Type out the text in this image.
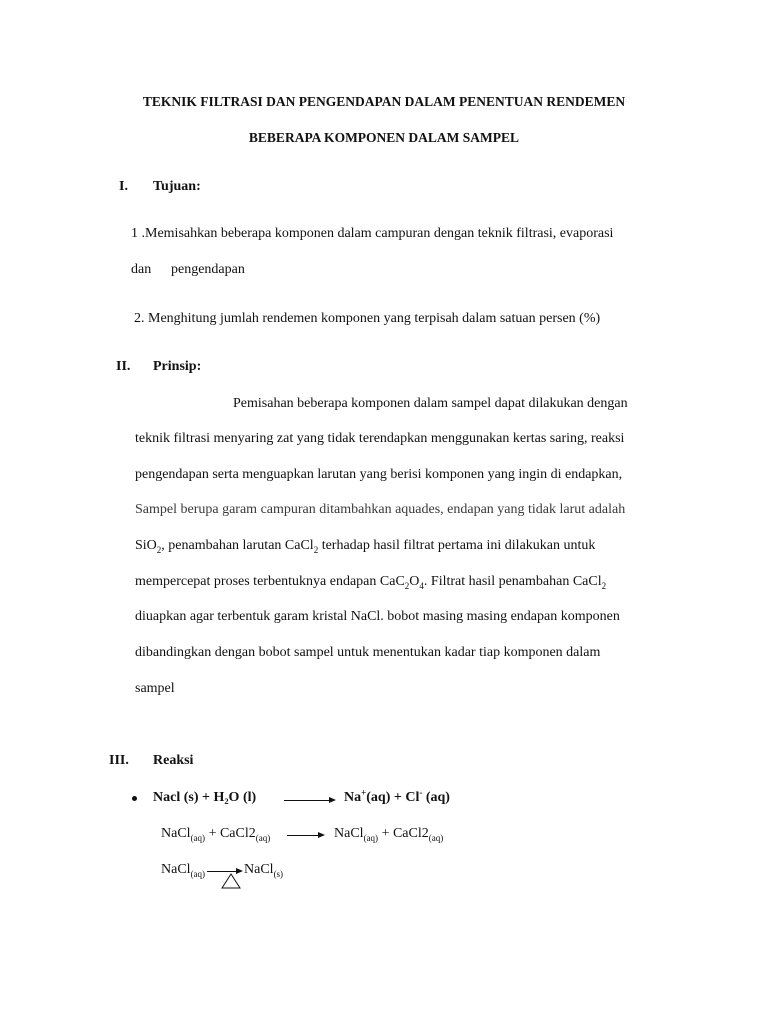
TEKNIK FILTRASI DAN PENGENDAPAN DALAM PENENTUAN RENDEMEN
BEBERAPA KOMPONEN DALAM SAMPEL
I. Tujuan:
1 .Memisahkan beberapa komponen dalam campuran dengan teknik filtrasi, evaporasi
dan pengendapan
2. Menghitung jumlah rendemen komponen yang terpisah dalam satuan persen (%)
II. Prinsip:
Pemisahan beberapa komponen dalam sampel dapat dilakukan dengan
teknik filtrasi menyaring zat yang tidak terendapkan menggunakan kertas saring, reaksi
pengendapan serta menguapkan larutan yang berisi komponen yang ingin di endapkan,
Sampel berupa garam campuran ditambahkan aquades, endapan yang tidak larut adalah
SiO$_2$, penambahan larutan CaCl$_2$ terhadap hasil filtrat pertama ini dilakukan untuk
mempercepat proses terbentuknya endapan $CaC_2O_4$. Filtrat hasil penambahan CaCl$_2$
diuapkan agar terbentuk garam kristal NaCl. bobot masing masing endapan komponen
dibandingkan dengan bobot sampel untuk menentukan kadar tiap komponen dalam
sampel
III. Reaksi
Nacl (s) + H₂O (l) → Na+(aq) + Cl- (aq)
NaCl$_{(aq)}$ + $CaCl2_{(aq)}$ → NaCl$_{(aq)}$ + $CaCl2_{(aq)}$
NaCl$_{(aq)}$ → NaCl$_{(s)}$
